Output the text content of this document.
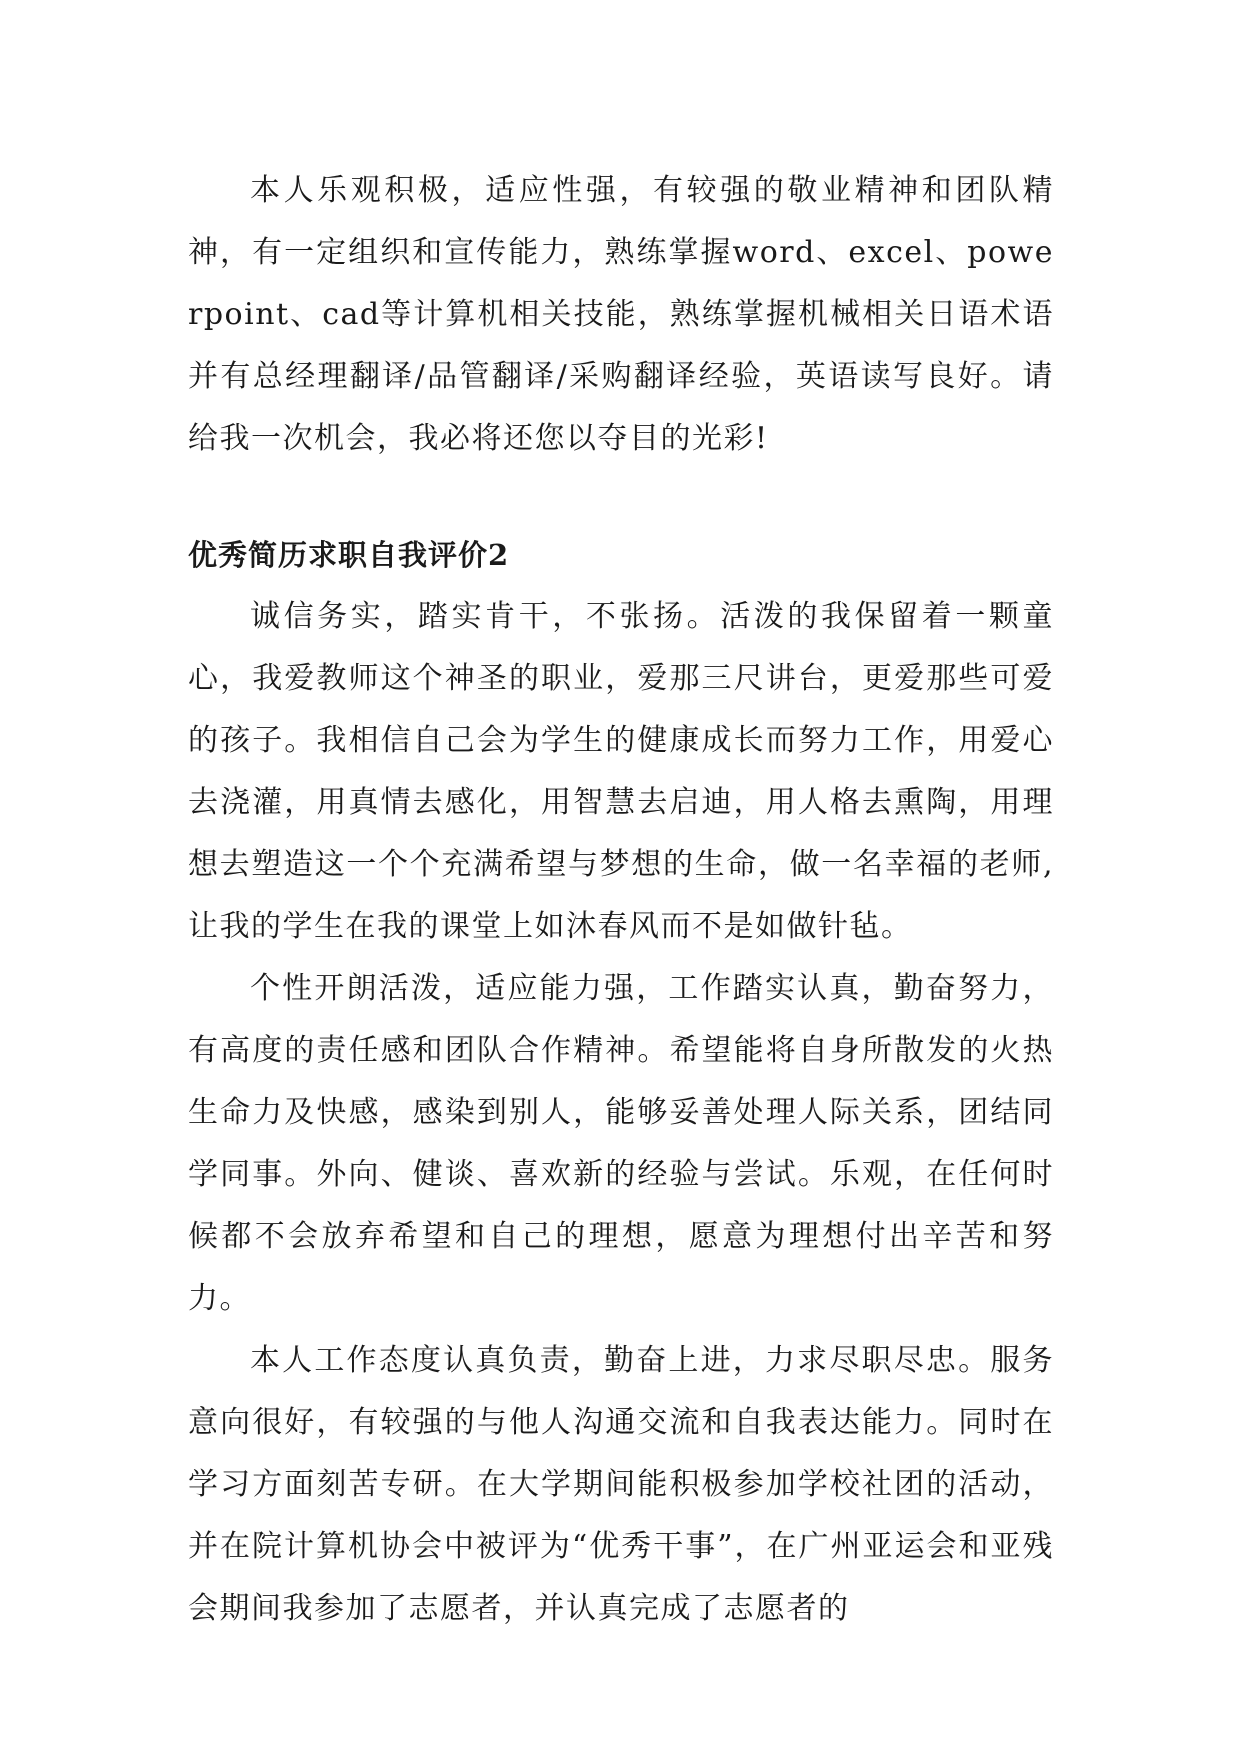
本人乐观积极，适应性强，有较强的敬业精神和团队精神，有一定组织和宣传能力，熟练掌握word、excel、powerpoint、cad等计算机相关技能，熟练掌握机械相关日语术语并有总经理翻译/品管翻译/采购翻译经验，英语读写良好。请给我一次机会，我必将还您以夺目的光彩!

优秀简历求职自我评价2

诚信务实，踏实肯干，不张扬。活泼的我保留着一颗童心，我爱教师这个神圣的职业，爱那三尺讲台，更爱那些可爱的孩子。我相信自己会为学生的健康成长而努力工作，用爱心去浇灌，用真情去感化，用智慧去启迪，用人格去熏陶，用理想去塑造这一个个充满希望与梦想的生命，做一名幸福的老师,让我的学生在我的课堂上如沐春风而不是如做针毡。

个性开朗活泼，适应能力强，工作踏实认真，勤奋努力，有高度的责任感和团队合作精神。希望能将自身所散发的火热生命力及快感，感染到别人，能够妥善处理人际关系，团结同学同事。外向、健谈、喜欢新的经验与尝试。乐观，在任何时候都不会放弃希望和自己的理想，愿意为理想付出辛苦和努力。

本人工作态度认真负责，勤奋上进，力求尽职尽忠。服务意向很好，有较强的与他人沟通交流和自我表达能力。同时在学习方面刻苦专研。在大学期间能积极参加学校社团的活动，并在院计算机协会中被评为“优秀干事”，在广州亚运会和亚残会期间我参加了志愿者，并认真完成了志愿者的
